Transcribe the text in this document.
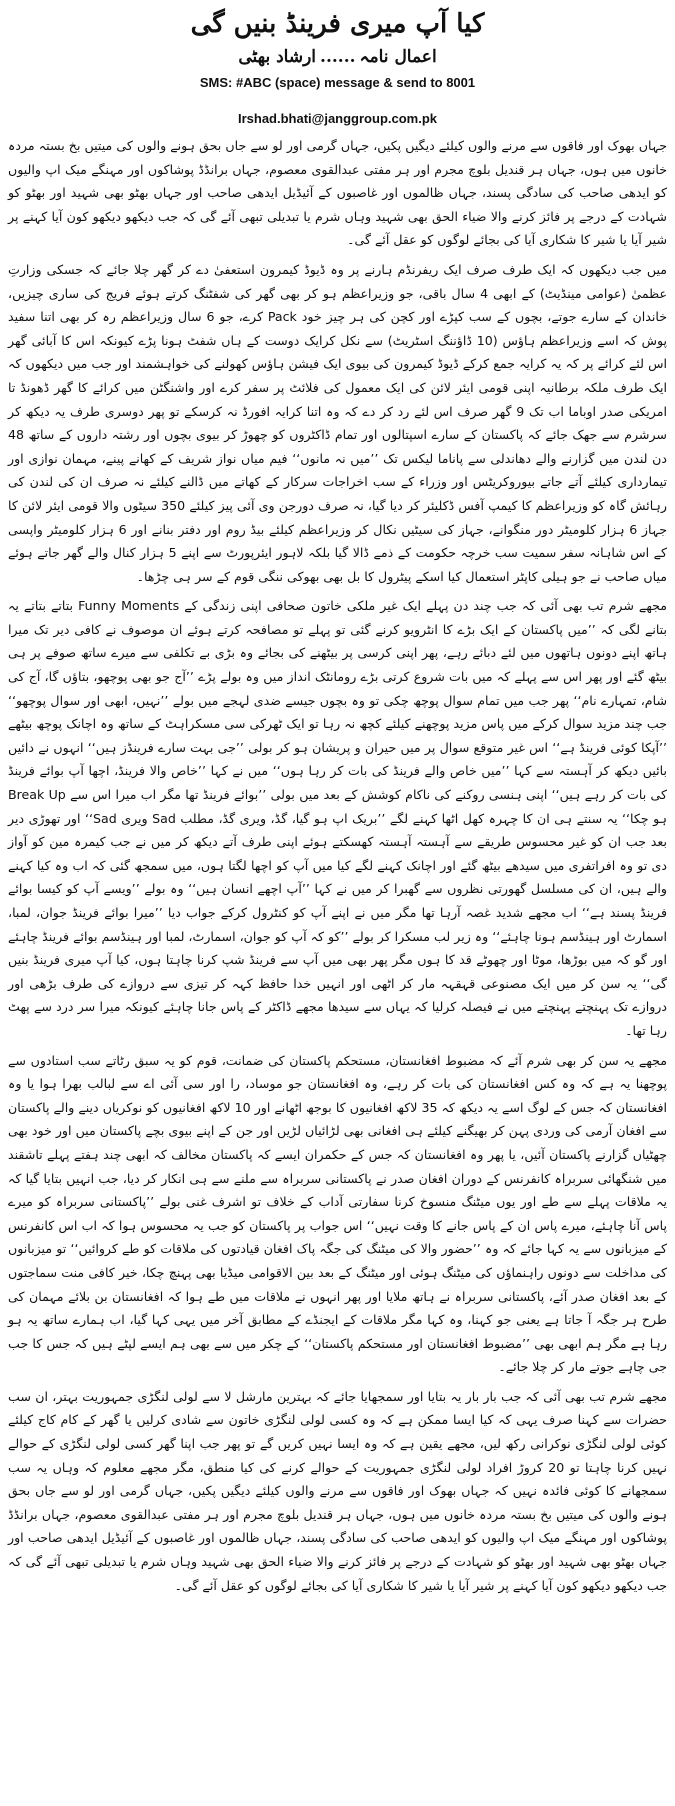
کیا آپ میری فرینڈ بنیں گی
اعمال نامہ......ارشاد بھٹی
SMS: #ABC (space) message & send to 8001
Irshad.bhati@janggroup.com.pk

جہاں بھوک اور فاقوں سے مرنے والوں کیلئے دیگیں پکیں، جہاں گرمی اور لو سے جاں بحق ہونے والوں کی میتیں بخ بستہ مردہ خانوں میں ہوں، جہاں ہر قندیل بلوچ مجرم اور ہر مفتی عبدالقوی معصوم، جہاں برانڈڈ پوشاکوں اور مہنگے میک اپ والیوں کو ایدھی صاحب کی سادگی پسند، جہاں ظالموں اور غاصبوں کے آئیڈیل ایدھی صاحب اور جہاں بھٹو بھی شہید اور بھٹو کو شہادت کے درجے پر فائز کرنے والا ضیاء الحق بھی شہید وہاں شرم یا تبدیلی تبھی آئے گی کہ جب دیکھو دیکھو کون آیا کہنے پر شیر آیا یا شیر کا شکاری آیا کی بجائے لوگوں کو عقل آئے گی۔

میں جب دیکھوں کہ ایک طرف صرف ایک ریفرنڈم ہارنے پر وہ ڈیوڈ کیمرون استعفیٰ دے کر گھر چلا جائے کہ جسکی وزارتِ عظمیٰ (عوامی مینڈیٹ) کے ابھی 4 سال باقی، جو وزیراعظم ہو کر بھی گھر کی شفٹنگ کرتے ہوئے فریج کی ساری چیزیں، خاندان کے سارے جوتے، بچوں کے سب کپڑے اور کچن کی ہر چیز خود Pack کرے، جو 6 سال وزیراعظم رہ کر بھی اتنا سفید پوش کہ اسے وزیراعظم ہاؤس (10 ڈاؤننگ اسٹریٹ) سے نکل کرایک دوست کے ہاں شفٹ ہونا پڑے کیونکہ اس کا آبائی گھر اس لئے کرائے پر کہ یہ کرایہ جمع کرکے ڈیوڈ کیمرون کی بیوی ایک فیشن ہاؤس کھولنے کی خواہشمند اور جب میں دیکھوں کہ ایک طرف ملکہ برطانیہ اپنی قومی ایئر لائن کی ایک معمول کی فلائٹ پر سفر کرے اور واشنگٹن میں کرائے کا گھر ڈھونڈ تا امریکی صدر اوباما اب تک 9 گھر صرف اس لئے رد کر دے کہ وہ اتنا کرایہ افورڈ نہ کرسکے تو پھر دوسری طرف یہ دیکھ کر سرشرم سے جھک جائے کہ پاکستان کے سارے اسپتالوں اور تمام ڈاکٹروں کو چھوڑ کر بیوی بچوں اور رشتہ داروں کے ساتھ 48 دن لندن میں گزارنے والے دھاندلی سے پاناما لیکس تک ’’میں نہ مانوں‘‘ فیم میاں نواز شریف کے کھانے پینے، مہمان نوازی اور تیمارداری کیلئے آتے جاتے بیوروکریٹس اور وزراء کے سب اخراجات سرکار کے کھاتے میں ڈالنے کیلئے نہ صرف ان کی لندن کی رہائش گاہ کو وزیراعظم کا کیمپ آفس ڈکلیئر کر دیا گیا، نہ صرف دورجن وی آئی پیز کیلئے 350 سیٹوں والا قومی ایئر لائن کا جہاز 6 ہزار کلومیٹر دور منگوانے، جہاز کی سیٹیں نکال کر وزیراعظم کیلئے بیڈ روم اور دفتر بنانے اور 6 ہزار کلومیٹر واپسی کے اس شاہانہ سفر سمیت سب خرچہ حکومت کے ذمے ڈالا گیا بلکہ لاہور ایئرپورٹ سے اپنے 5 ہزار کنال والے گھر جاتے ہوئے میاں صاحب نے جو ہیلی کاپٹر استعمال کیا اسکے پیٹرول کا بل بھی بھوکی ننگی قوم کے سر ہی چڑھا۔

مجھے شرم تب بھی آئی کہ جب چند دن پہلے ایک غیر ملکی خاتون صحافی اپنی زندگی کے Funny Moments بتاتے بتاتے یہ بتانے لگی کہ ’’میں پاکستان کے ایک بڑے کا انٹرویو کرنے گئی تو پہلے تو مصافحہ کرتے ہوئے ان موصوف نے کافی دیر تک میرا ہاتھ اپنے دونوں ہاتھوں میں لئے دبائے رہے، پھر اپنی کرسی پر بیٹھنے کی بجائے وہ بڑی بے تکلفی سے میرے ساتھ صوفے پر ہی بیٹھ گئے اور پھر اس سے پہلے کہ میں بات شروع کرتی بڑے رومانٹک انداز میں وہ بولے پڑے ’’آج جو بھی پوچھو، بتاؤں گا، آج کی شام، تمہارے نام‘‘ پھر جب میں تمام سوال پوچھ چکی تو وہ بچوں جیسے ضدی لہجے میں بولے ’’نہیں، ابھی اور سوال پوچھو‘‘ جب چند مزید سوال کرکے میں پاس مزید پوچھنے کیلئے کچھ نہ رہا تو ایک ٹھرکی سی مسکراہٹ کے ساتھ وہ اچانک پوچھ بیٹھے ’’آپکا کوئی فرینڈ ہے‘‘ اس غیر متوقع سوال پر میں حیران و پریشان ہو کر بولی ’’جی بہت سارے فرینڈز ہیں‘‘ انہوں نے دائیں بائیں دیکھ کر آہستہ سے کہا ’’میں خاص والے فرینڈ کی بات کر رہا ہوں‘‘ میں نے کہا ’’خاص والا فرینڈ، اچھا آپ بوائے فرینڈ کی بات کر رہے ہیں‘‘ اپنی ہنسی روکنے کی ناکام کوشش کے بعد میں بولی ’’بوائے فرینڈ تھا مگر اب میرا اس سے Break Up ہو چکا‘‘ یہ سنتے ہی ان کا چہرہ کھل اٹھا کہنے لگے ’’بریک اپ ہو گیا، گڈ، ویری گڈ، مطلب Sad ویری Sad‘‘ اور تھوڑی دیر بعد جب ان کو غیر محسوس طریقے سے آہستہ آہستہ کھسکتے ہوئے اپنی طرف آتے دیکھ کر میں نے جب کیمرہ مین کو آواز دی تو وہ افراتفری میں سیدھے بیٹھ گئے اور اچانک کہنے لگے کیا میں آپ کو اچھا لگتا ہوں، میں سمجھ گئی کہ اب وہ کیا کہنے والے ہیں، ان کی مسلسل گھورتی نظروں سے گھبرا کر میں نے کہا ’’آپ اچھے انسان ہیں‘‘ وہ بولے ’’ویسے آپ کو کیسا بوائے فرینڈ پسند ہے‘‘ اب مجھے شدید غصہ آرہا تھا مگر میں نے اپنے آپ کو کنٹرول کرکے جواب دیا ’’میرا بوائے فرینڈ جوان، لمبا، اسمارٹ اور ہینڈسم ہونا چاہئے‘‘ وہ زیر لب مسکرا کر بولے ’’کو کہ آپ کو جوان، اسمارٹ، لمبا اور ہینڈسم بوائے فرینڈ چاہئے اور گو کہ میں بوڑھا، موٹا اور چھوٹے قد کا ہوں مگر پھر بھی میں آپ سے فرینڈ شپ کرنا چاہتا ہوں، کیا آپ میری فرینڈ بنیں گی‘‘ یہ سن کر میں ایک مصنوعی قہقہہ مار کر اٹھی اور انہیں خدا حافظ کہہ کر تیزی سے دروازے کی طرف بڑھی اور دروازے تک پہنچتے پہنچتے میں نے فیصلہ کرلیا کہ یہاں سے سیدھا مجھے ڈاکٹر کے پاس جانا چاہئے کیونکہ میرا سر درد سے پھٹ رہا تھا۔

مجھے یہ سن کر بھی شرم آئے کہ مضبوط افغانستان، مستحکم پاکستان کی ضمانت، قوم کو یہ سبق رٹاتے سب استادوں سے پوچھنا یہ ہے کہ وہ کس افغانستان کی بات کر رہے، وہ افغانستان جو موساد، را اور سی آئی اے سے لبالب بھرا ہوا یا وہ افغانستان کہ جس کے لوگ اسے یہ دیکھ کہ 35 لاکھ افغانیوں کا بوجھ اٹھانے اور 10 لاکھ افغانیوں کو نوکریاں دینے والے پاکستان سے افغان آرمی کی وردی پہن کر بھیگنے کیلئے ہی افغانی بھی لڑائیاں لڑیں اور جن کے اپنے بیوی بچے پاکستان میں اور خود بھی چھٹیاں گزارنے پاکستان آئیں، یا پھر وہ افغانستان کہ جس کے حکمران ایسے کہ پاکستان مخالف کہ ابھی چند ہفتے پہلے تاشقند میں شنگھائی سربراہ کانفرنس کے دوران افغان صدر نے پاکستانی سربراہ سے ملنے سے ہی انکار کر دیا، جب انہیں بتایا گیا کہ یہ ملاقات پہلے سے طے اور یوں میٹنگ منسوخ کرنا سفارتی آداب کے خلاف تو اشرف غنی بولے ’’پاکستانی سربراہ کو میرے پاس آنا چاہئے، میرے پاس ان کے پاس جانے کا وقت نہیں‘‘ اس جواب پر پاکستان کو جب یہ محسوس ہوا کہ اب اس کانفرنس کے میزبانوں سے یہ کہا جائے کہ وہ ’’حضور والا کی میٹنگ کی جگہ پاک افغان قیادتوں کی ملاقات کو طے کروائیں‘‘ تو میزبانوں کی مداخلت سے دونوں راہنماؤں کی میٹنگ ہوئی اور میٹنگ کے بعد بین الاقوامی میڈیا بھی پہنچ چکا، خیر کافی منت سماجتوں کے بعد افغان صدر آئے، پاکستانی سربراہ نے ہاتھ ملایا اور پھر انہوں نے ملاقات میں طے ہوا کہ افغانستان بن بلائے مہمان کی طرح ہر جگہ آ جاتا ہے یعنی جو کہنا، وہ کہا مگر ملاقات کے ایجنڈے کے مطابق آخر میں یہی کہا گیا، اب ہمارے ساتھ یہ ہو رہا ہے مگر ہم ابھی بھی ’’مضبوط افغانستان اور مستحکم پاکستان‘‘ کے چکر میں سے بھی ہم ایسے لپٹے ہیں کہ جس کا جب جی چاہے جوتے مار کر چلا جائے۔

مجھے شرم تب بھی آئی کہ جب بار بار یہ بتایا اور سمجھایا جائے کہ بہترین مارشل لا سے لولی لنگڑی جمہوریت بہتر، ان سب حضرات سے کہنا صرف یہی کہ کیا ایسا ممکن ہے کہ وہ کسی لولی لنگڑی خاتون سے شادی کرلیں یا گھر کے کام کاج کیلئے کوئی لولی لنگڑی نوکرانی رکھ لیں، مجھے یقین ہے کہ وہ ایسا نہیں کریں گے تو پھر جب اپنا گھر کسی لولی لنگڑی کے حوالے نہیں کرنا چاہتا تو 20 کروڑ افراد لولی لنگڑی جمہوریت کے حوالے کرنے کی کیا منطق، مگر مجھے معلوم کہ وہاں یہ سب سمجھانے کا کوئی فائدہ نہیں کہ جہاں بھوک اور فاقوں سے مرنے والوں کیلئے دیگیں پکیں، جہاں گرمی اور لو سے جاں بحق ہونے والوں کی میتیں بخ بستہ مردہ خانوں میں ہوں، جہاں ہر قندیل بلوچ مجرم اور ہر مفتی عبدالقوی معصوم، جہاں برانڈڈ پوشاکوں اور مہنگے میک اپ والیوں کو ایدھی صاحب کی سادگی پسند، جہاں ظالموں اور غاصبوں کے آئیڈیل ایدھی صاحب اور جہاں بھٹو بھی شہید اور بھٹو کو شہادت کے درجے پر فائز کرنے والا ضیاء الحق بھی شہید وہاں شرم یا تبدیلی تبھی آئے گی کہ جب دیکھو دیکھو کون آیا کہنے پر شیر آیا یا شیر کا شکاری آیا کی بجائے لوگوں کو عقل آئے گی۔
